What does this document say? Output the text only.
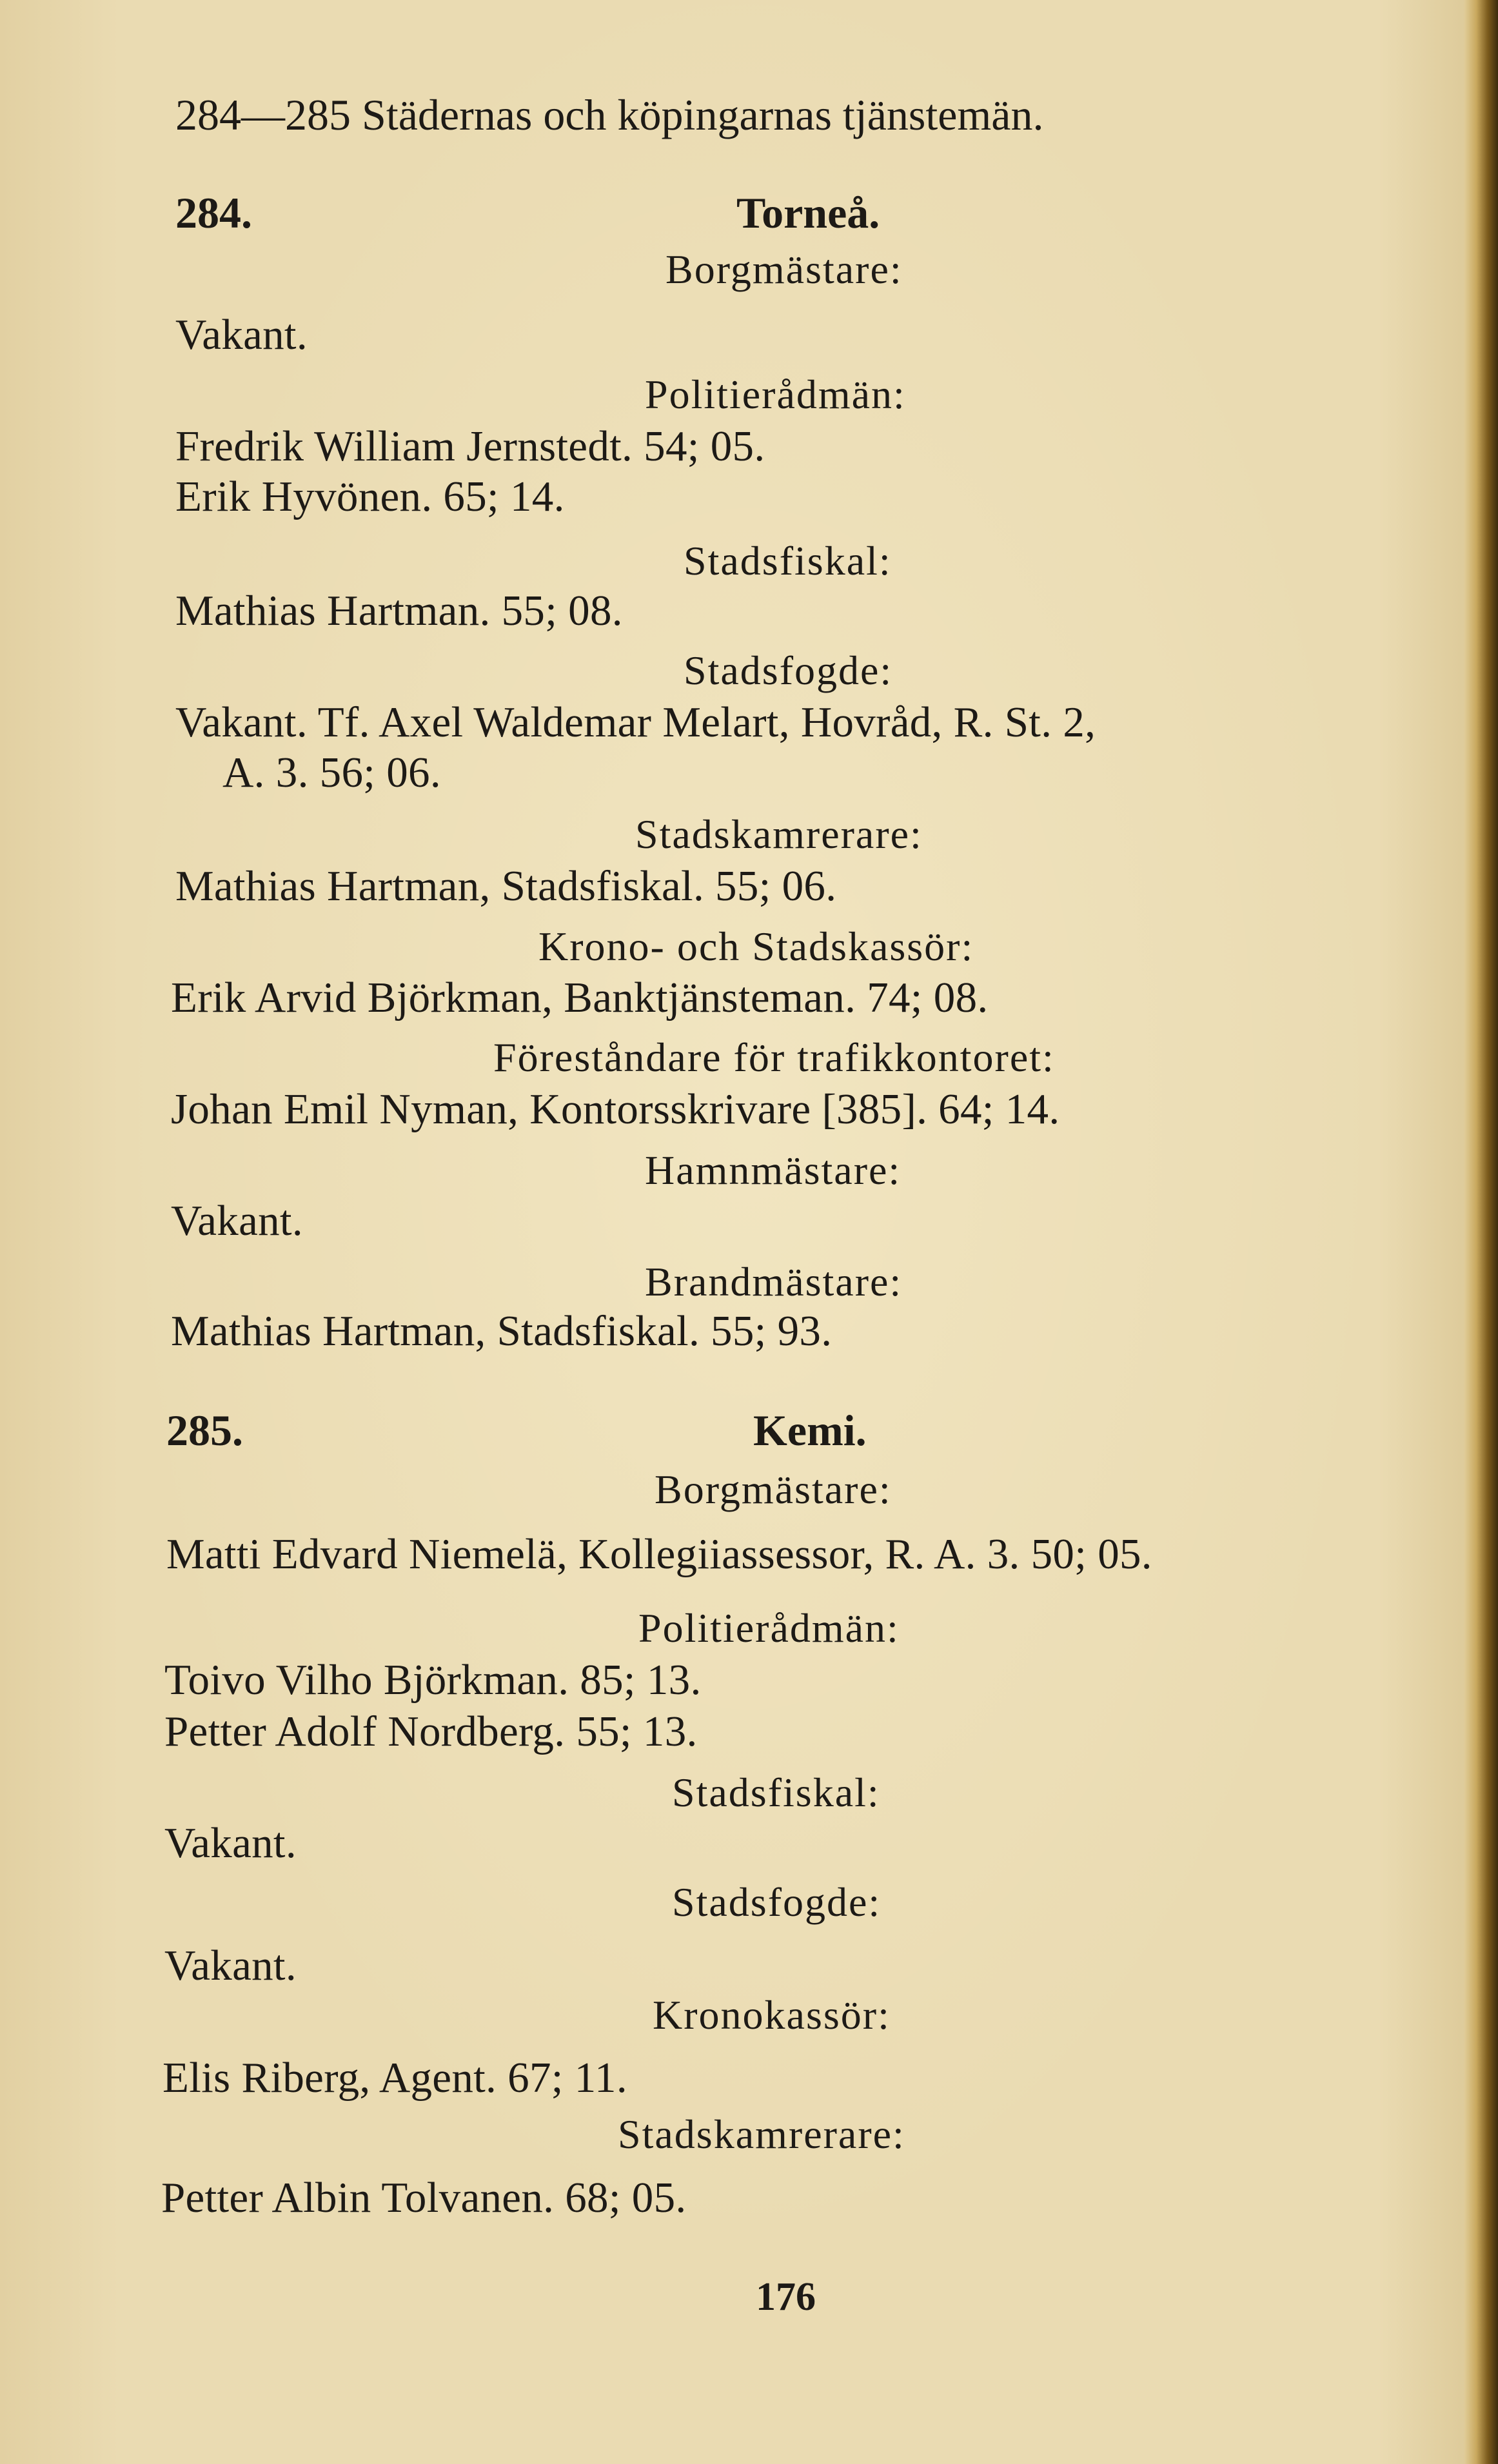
284—285 Städernas och köpingarnas tjänstemän.
284.	Torneå.
Borgmästare:
Vakant.
Politierådmän:
Fredrik William Jernstedt. 54; 05.
Erik Hyvönen. 65; 14.
Stadsfiskal:
Mathias Hartman. 55; 08.
Stadsfogde:
Vakant. Tf. Axel Waldemar Melart, Hovråd, R. St. 2,
A. 3. 56; 06.
Stadskamrerare:
Mathias Hartman, Stadsfiskal. 55; 06.
Krono- och Stadskassör:
Erik Arvid Björkman, Banktjänsteman. 74; 08.
Föreståndare för trafikkontoret:
Johan Emil Nyman, Kontorsskrivare [385]. 64; 14.
Hamnmästare:
Vakant.
Brandmästare:
Mathias Hartman, Stadsfiskal. 55; 93.
285.	Kemi.
Borgmästare:
Matti Edvard Niemelä, Kollegiiassessor, R. A. 3. 50; 05.
Politierådmän:
Toivo Vilho Björkman. 85; 13.
Petter Adolf Nordberg. 55; 13.
Stadsfiskal:
Vakant.
Stadsfogde:
Vakant.
Kronokassör:
Elis Riberg, Agent. 67; 11.
Stadskamrerare:
Petter Albin Tolvanen. 68; 05.
176
